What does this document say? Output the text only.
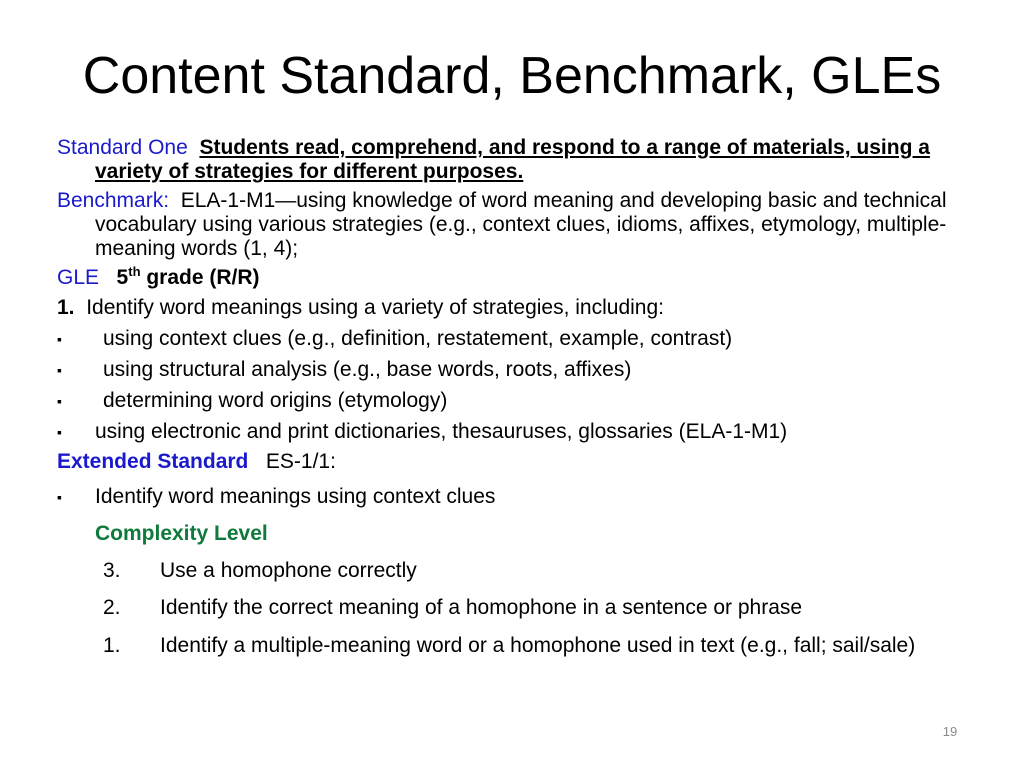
Content Standard, Benchmark, GLEs
Standard One Students read, comprehend, and respond to a range of materials, using a variety of strategies for different purposes.
Benchmark: ELA-1-M1—using knowledge of word meaning and developing basic and technical vocabulary using various strategies (e.g., context clues, idioms, affixes, etymology, multiple-meaning words (1, 4);
GLE 5th grade (R/R)
1. Identify word meanings using a variety of strategies, including:
▪	using context clues (e.g., definition, restatement, example, contrast)
▪	using structural analysis (e.g., base words, roots, affixes)
▪	determining word origins (etymology)
▪	using electronic and print dictionaries, thesauruses, glossaries (ELA-1-M1)
Extended Standard ES-1/1:
▪	Identify word meanings using context clues
Complexity Level
3.	Use a homophone correctly
2.	Identify the correct meaning of a homophone in a sentence or phrase
1.	Identify a multiple-meaning word or a homophone used in text (e.g., fall; sail/sale)
19
